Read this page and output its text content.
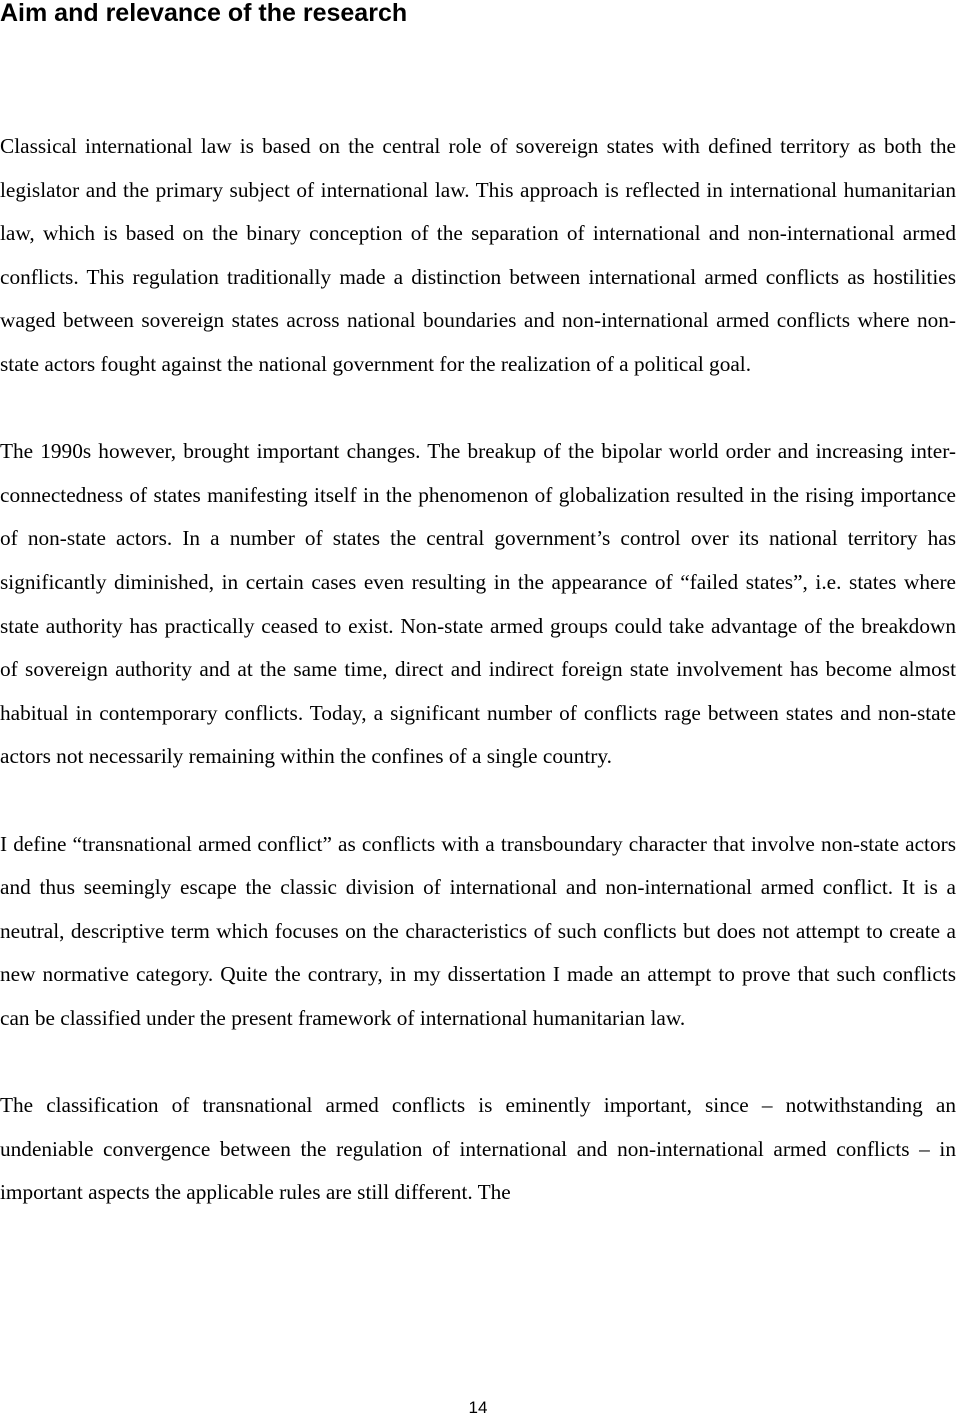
Aim and relevance of the research

Classical international law is based on the central role of sovereign states with defined territory as both the legislator and the primary subject of international law. This approach is reflected in international humanitarian law, which is based on the binary conception of the separation of international and non-international armed conflicts. This regulation traditionally made a distinction between international armed conflicts as hostilities waged between sovereign states across national boundaries and non-international armed conflicts where non-state actors fought against the national government for the realization of a political goal.

The 1990s however, brought important changes. The breakup of the bipolar world order and increasing inter-connectedness of states manifesting itself in the phenomenon of globalization resulted in the rising importance of non-state actors. In a number of states the central government’s control over its national territory has significantly diminished, in certain cases even resulting in the appearance of “failed states”, i.e. states where state authority has practically ceased to exist. Non-state armed groups could take advantage of the breakdown of sovereign authority and at the same time, direct and indirect foreign state involvement has become almost habitual in contemporary conflicts. Today, a significant number of conflicts rage between states and non-state actors not necessarily remaining within the confines of a single country.

I define “transnational armed conflict” as conflicts with a transboundary character that involve non-state actors and thus seemingly escape the classic division of international and non-international armed conflict. It is a neutral, descriptive term which focuses on the characteristics of such conflicts but does not attempt to create a new normative category. Quite the contrary, in my dissertation I made an attempt to prove that such conflicts can be classified under the present framework of international humanitarian law.

The classification of transnational armed conflicts is eminently important, since – notwithstanding an undeniable convergence between the regulation of international and non-international armed conflicts – in important aspects the applicable rules are still different. The

14
